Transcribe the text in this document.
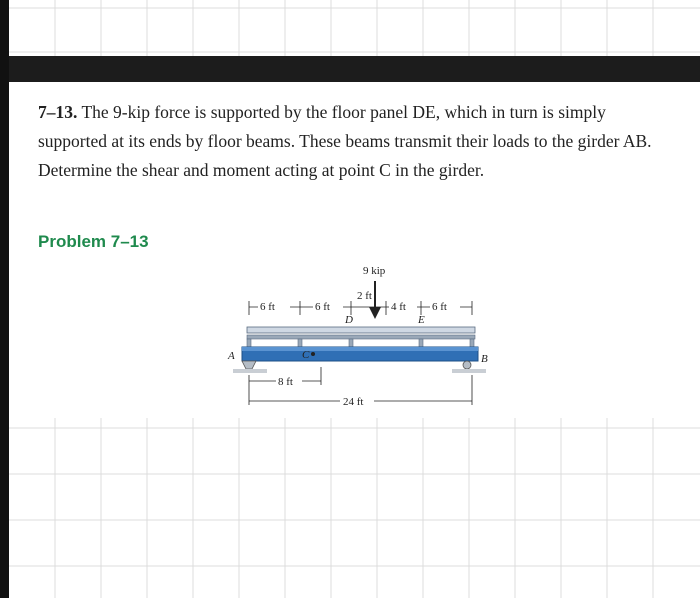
7–13. The 9-kip force is supported by the floor panel DE, which in turn is simply supported at its ends by floor beams. These beams transmit their loads to the girder AB. Determine the shear and moment acting at point C in the girder.
Problem 7–13
9 kip
2 ft
6 ft	6 ft	4 ft 6 ft
D	E
C
A	B
8 ft
24 ft
